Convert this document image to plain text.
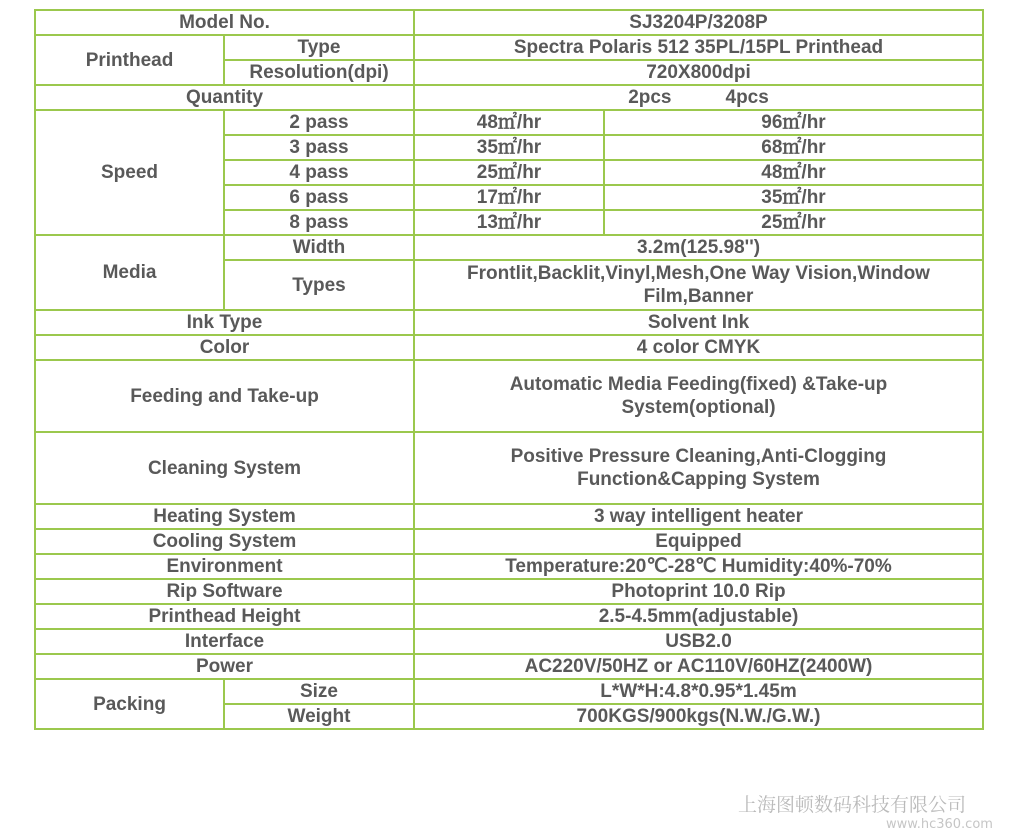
Model No.		SJ3204P/3208P	
Printhead	Type	Spectra Polaris 512 35PL/15PL Printhead	
	Resolution(dpi)	720X800dpi	
Quantity		2pcs 4pcs	
Speed	2 pass	48㎡/hr	96㎡/hr
	3 pass	35㎡/hr	68㎡/hr
	4 pass	25㎡/hr	48㎡/hr
	6 pass	17㎡/hr	35㎡/hr
	8 pass	13㎡/hr	25㎡/hr
Media	Width	3.2m(125.98'')	
	Types	Frontlit,Backlit,Vinyl,Mesh,One Way Vision,Window Film,Banner	
Ink Type		Solvent Ink	
Color		4 color CMYK	
Feeding and Take-up		Automatic Media Feeding(fixed) &Take-up System(optional)	
Cleaning System		Positive Pressure Cleaning,Anti-Clogging Function&Capping System	
Heating System		3 way intelligent heater	
Cooling System		Equipped	
Environment		Temperature:20℃-28℃ Humidity:40%-70%	
Rip Software		Photoprint 10.0 Rip	
Printhead Height		2.5-4.5mm(adjustable)	
Interface		USB2.0	
Power		AC220V/50HZ or AC110V/60HZ(2400W)	
Packing	Size	L*W*H:4.8*0.95*1.45m	
	Weight	700KGS/900kgs(N.W./G.W.)	
上海图顿数码科技有限公司
www.hc360.com
